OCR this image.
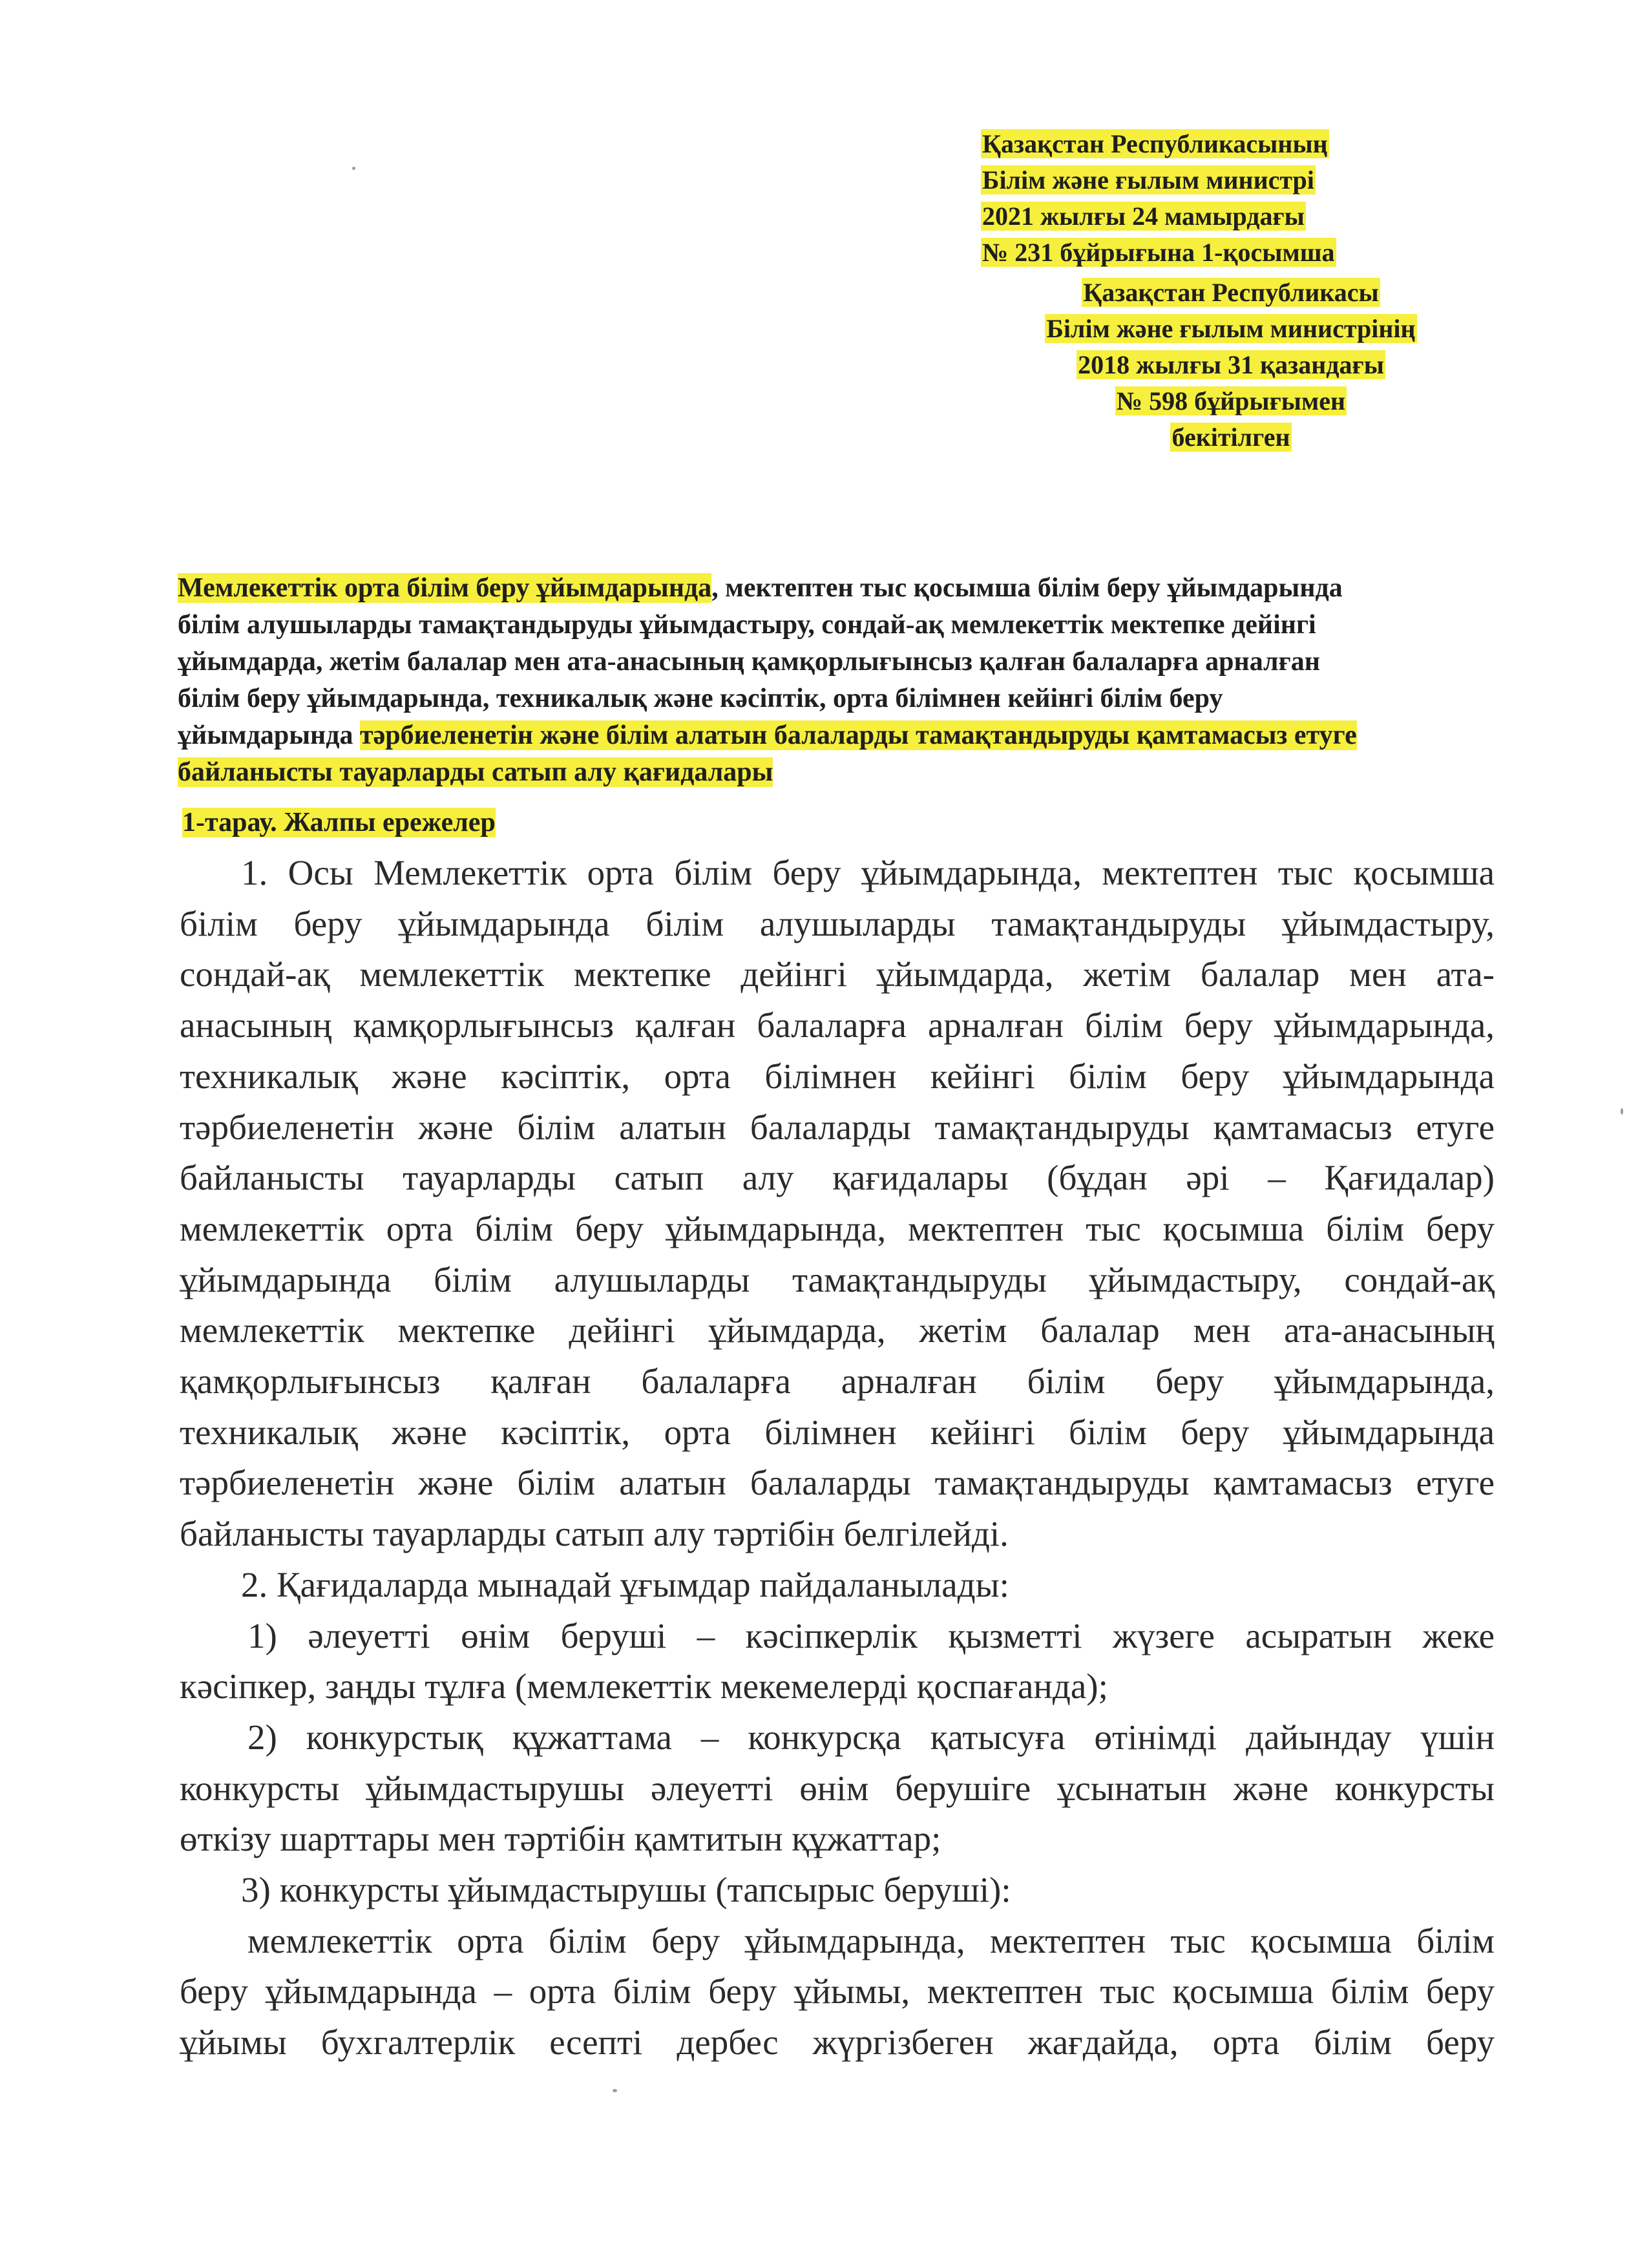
Қазақстан Республикасының
Білім және ғылым министрі
2021 жылғы 24 мамырдағы
№ 231 бұйрығына 1-қосымша
Қазақстан Республикасы
Білім және ғылым министрінің
2018 жылғы 31 қазандағы
№ 598 бұйрығымен
бекітілген
Мемлекеттік орта білім беру ұйымдарында, мектептен тыс қосымша білім беру ұйымдарында
білім алушыларды тамақтандыруды ұйымдастыру, сондай-ақ мемлекеттік мектепке дейінгі
ұйымдарда, жетім балалар мен ата-анасының қамқорлығынсыз қалған балаларға арналған
білім беру ұйымдарында, техникалық және кәсіптік, орта білімнен кейінгі білім беру
ұйымдарында тәрбиеленетін және білім алатын балаларды тамақтандыруды қамтамасыз етуге
байланысты тауарларды сатып алу қағидалары
1-тарау. Жалпы ережелер
1. Осы Мемлекеттік орта білім беру ұйымдарында, мектептен тыс қосымша
білім беру ұйымдарында білім алушыларды тамақтандыруды ұйымдастыру,
сондай-ақ мемлекеттік мектепке дейінгі ұйымдарда, жетім балалар мен ата-
анасының қамқорлығынсыз қалған балаларға арналған білім беру ұйымдарында,
техникалық және кәсіптік, орта білімнен кейінгі білім беру ұйымдарында
тәрбиеленетін және білім алатын балаларды тамақтандыруды қамтамасыз етуге
байланысты тауарларды сатып алу қағидалары (бұдан әрі – Қағидалар)
мемлекеттік орта білім беру ұйымдарында, мектептен тыс қосымша білім беру
ұйымдарында білім алушыларды тамақтандыруды ұйымдастыру, сондай-ақ
мемлекеттік мектепке дейінгі ұйымдарда, жетім балалар мен ата-анасының
қамқорлығынсыз қалған балаларға арналған білім беру ұйымдарында,
техникалық және кәсіптік, орта білімнен кейінгі білім беру ұйымдарында
тәрбиеленетін және білім алатын балаларды тамақтандыруды қамтамасыз етуге
байланысты тауарларды сатып алу тәртібін белгілейді.
2. Қағидаларда мынадай ұғымдар пайдаланылады:
1) әлеуетті өнім беруші – кәсіпкерлік қызметті жүзеге асыратын жеке
кәсіпкер, заңды тұлға (мемлекеттік мекемелерді қоспағанда);
2) конкурстық құжаттама – конкурсқа қатысуға өтінімді дайындау үшін
конкурсты ұйымдастырушы әлеуетті өнім берушіге ұсынатын және конкурсты
өткізу шарттары мен тәртібін қамтитын құжаттар;
3) конкурсты ұйымдастырушы (тапсырыс беруші):
мемлекеттік орта білім беру ұйымдарында, мектептен тыс қосымша білім
беру ұйымдарында – орта білім беру ұйымы, мектептен тыс қосымша білім беру
ұйымы бухгалтерлік есепті дербес жүргізбеген жағдайда, орта білім беру
